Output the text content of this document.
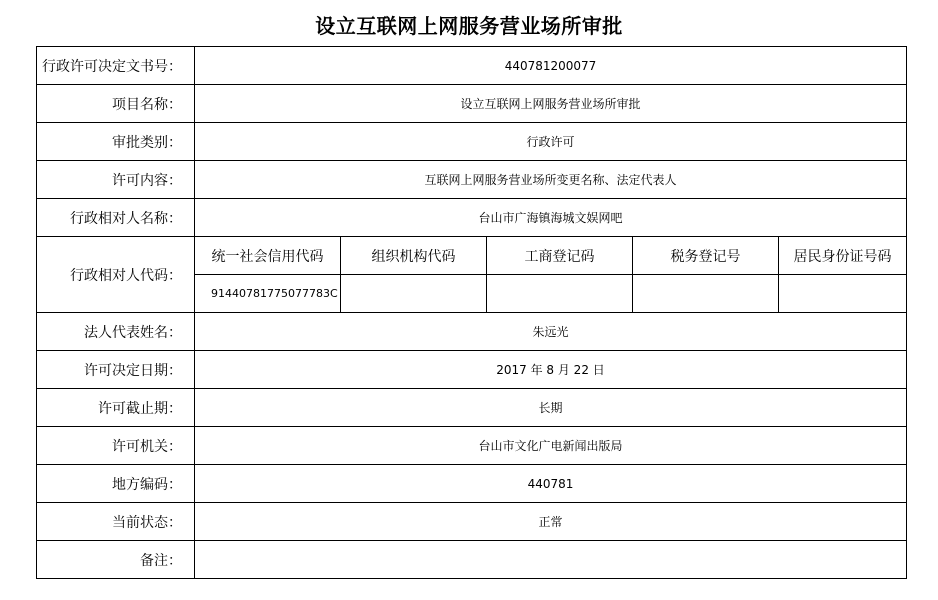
设立互联网上网服务营业场所审批
行政许可决定文书号：	440781200077				
项目名称：	设立互联网上网服务营业场所审批				
审批类别：	行政许可				
许可内容：	互联网上网服务营业场所变更名称、法定代表人				
行政相对人名称：	台山市广海镇海城文娱网吧				
行政相对人代码：	统一社会信用代码	组织机构代码	工商登记码	税务登记号	居民身份证号码
	91440781775077783C				
法人代表姓名：	朱远光				
许可决定日期：	2017 年 8 月 22 日				
许可截止期：	长期				
许可机关：	台山市文化广电新闻出版局				
地方编码：	440781				
当前状态：	正常				
备注：					
